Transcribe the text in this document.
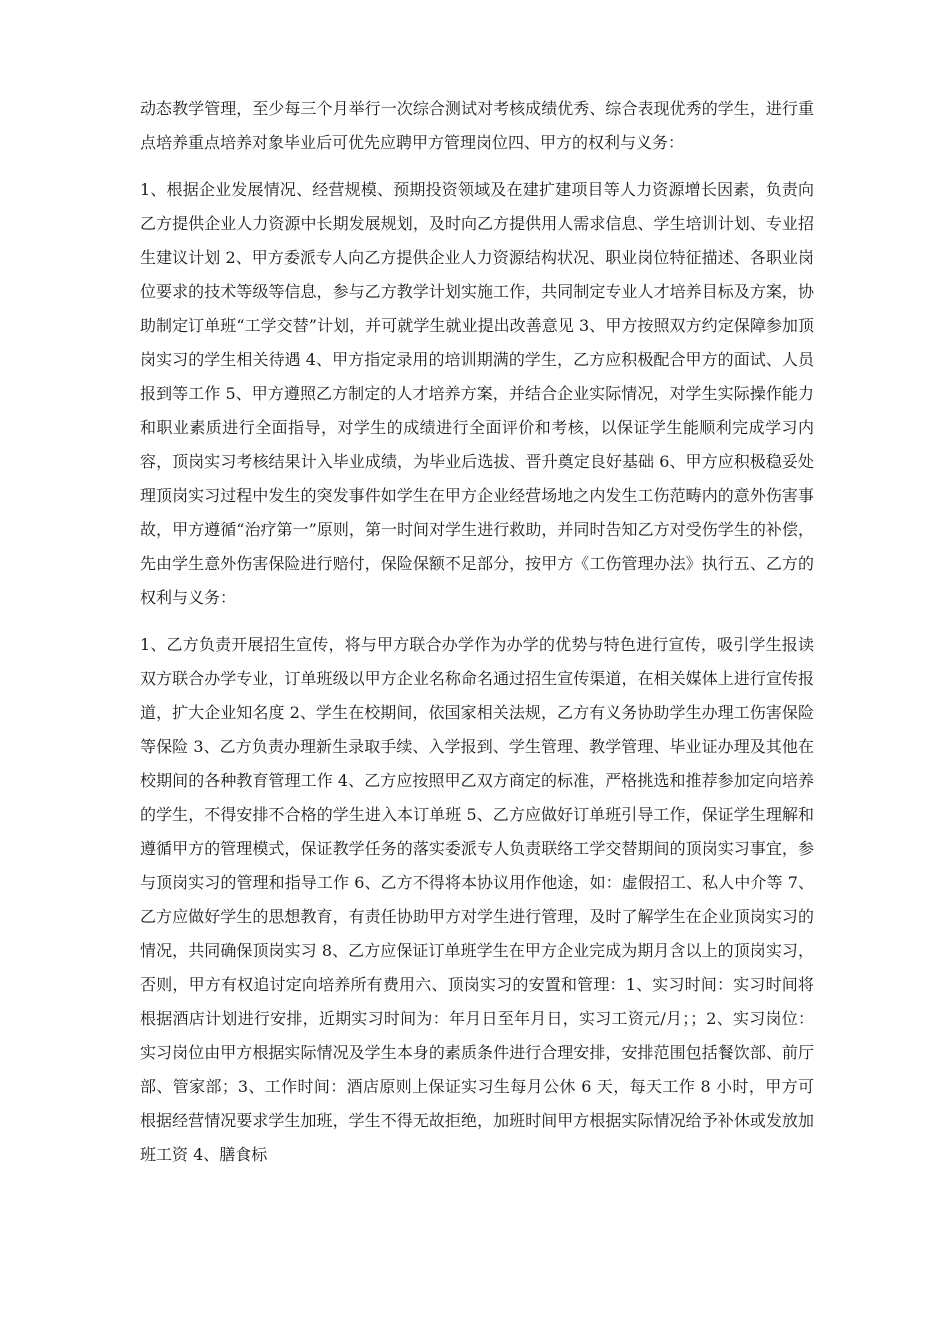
动态教学管理，至少每三个月举行一次综合测试对考核成绩优秀、综合表现优秀的学生，进行重点培养重点培养对象毕业后可优先应聘甲方管理岗位四、甲方的权利与义务：

1、根据企业发展情况、经营规模、预期投资领域及在建扩建项目等人力资源增长因素，负责向乙方提供企业人力资源中长期发展规划，及时向乙方提供用人需求信息、学生培训计划、专业招生建议计划 2、甲方委派专人向乙方提供企业人力资源结构状况、职业岗位特征描述、各职业岗位要求的技术等级等信息，参与乙方教学计划实施工作，共同制定专业人才培养目标及方案，协助制定订单班“工学交替”计划，并可就学生就业提出改善意见 3、甲方按照双方约定保障参加顶岗实习的学生相关待遇 4、甲方指定录用的培训期满的学生，乙方应积极配合甲方的面试、人员报到等工作 5、甲方遵照乙方制定的人才培养方案，并结合企业实际情况，对学生实际操作能力和职业素质进行全面指导，对学生的成绩进行全面评价和考核，以保证学生能顺利完成学习内容，顶岗实习考核结果计入毕业成绩，为毕业后选拔、晋升奠定良好基础 6、甲方应积极稳妥处理顶岗实习过程中发生的突发事件如学生在甲方企业经营场地之内发生工伤范畴内的意外伤害事故，甲方遵循“治疗第一”原则，第一时间对学生进行救助，并同时告知乙方对受伤学生的补偿，先由学生意外伤害保险进行赔付，保险保额不足部分，按甲方《工伤管理办法》执行五、乙方的权利与义务：

1、乙方负责开展招生宣传，将与甲方联合办学作为办学的优势与特色进行宣传，吸引学生报读双方联合办学专业，订单班级以甲方企业名称命名通过招生宣传渠道，在相关媒体上进行宣传报道，扩大企业知名度 2、学生在校期间，依国家相关法规，乙方有义务协助学生办理工伤害保险等保险 3、乙方负责办理新生录取手续、入学报到、学生管理、教学管理、毕业证办理及其他在校期间的各种教育管理工作 4、乙方应按照甲乙双方商定的标准，严格挑选和推荐参加定向培养的学生，不得安排不合格的学生进入本订单班 5、乙方应做好订单班引导工作，保证学生理解和遵循甲方的管理模式，保证教学任务的落实委派专人负责联络工学交替期间的顶岗实习事宜，参与顶岗实习的管理和指导工作 6、乙方不得将本协议用作他途，如：虚假招工、私人中介等 7、乙方应做好学生的思想教育，有责任协助甲方对学生进行管理，及时了解学生在企业顶岗实习的情况，共同确保顶岗实习 8、乙方应保证订单班学生在甲方企业完成为期月含以上的顶岗实习，否则，甲方有权追讨定向培养所有费用六、顶岗实习的安置和管理：1、实习时间：实习时间将根据酒店计划进行安排，近期实习时间为：年月日至年月日，实习工资元/月；；2、实习岗位：实习岗位由甲方根据实际情况及学生本身的素质条件进行合理安排，安排范围包括餐饮部、前厅部、管家部；3、工作时间：酒店原则上保证实习生每月公休 6 天，每天工作 8 小时，甲方可根据经营情况要求学生加班，学生不得无故拒绝，加班时间甲方根据实际情况给予补休或发放加班工资 4、膳食标
